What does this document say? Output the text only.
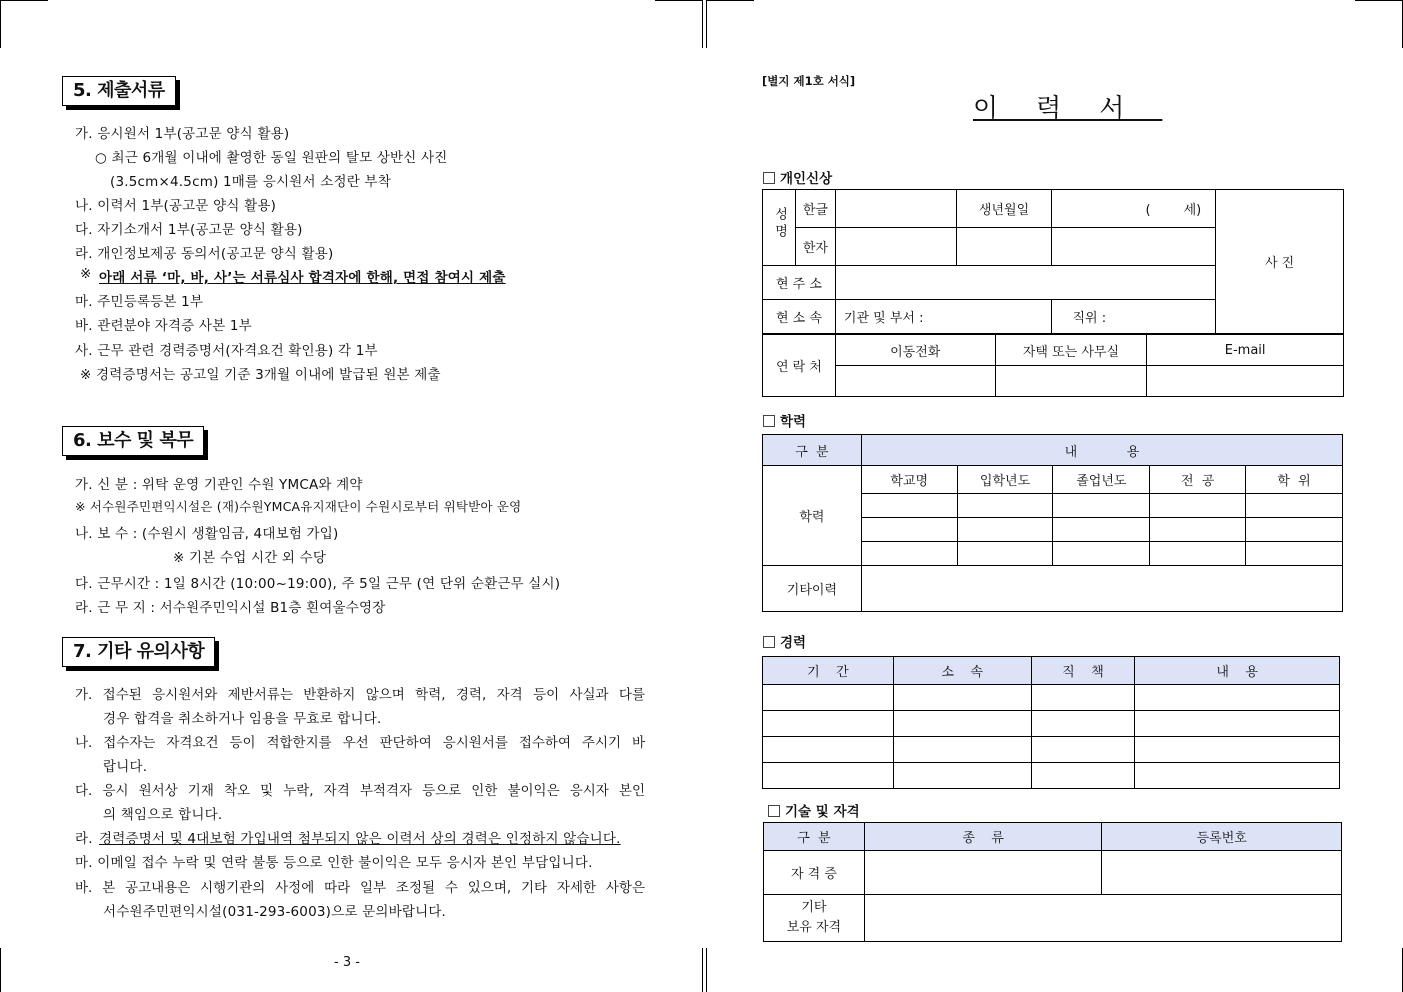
5. 제출서류
가. 응시원서 1부(공고문 양식 활용)
○ 최근 6개월 이내에 촬영한 동일 원판의 탈모 상반신 사진
(3.5cm×4.5cm) 1매를 응시원서 소정란 부착
나. 이력서 1부(공고문 양식 활용)
다. 자기소개서 1부(공고문 양식 활용)
라. 개인정보제공 동의서(공고문 양식 활용)
※ 아래 서류 ‘마, 바, 사’는 서류심사 합격자에 한해, 면접 참여시 제출
마. 주민등록등본 1부
바. 관련분야 자격증 사본 1부
사. 근무 관련 경력증명서(자격요건 확인용) 각 1부
※ 경력증명서는 공고일 기준 3개월 이내에 발급된 원본 제출
6. 보수 및 복무
가. 신 분 : 위탁 운영 기관인 수원 YMCA와 계약
※ 서수원주민편익시설은 (재)수원YMCA유지재단이 수원시로부터 위탁받아 운영
나. 보 수 : (수원시 생활임금, 4대보험 가입)
※ 기본 수업 시간 외 수당
다. 근무시간 : 1일 8시간 (10:00~19:00), 주 5일 근무 (연 단위 순환근무 실시)
라. 근 무 지 : 서수원주민익시설 B1층 흰여울수영장
7. 기타 유의사항
가. 접수된 응시원서와 제반서류는 반환하지 않으며 학력, 경력, 자격 등이 사실과 다를
경우 합격을 취소하거나 임용을 무효로 합니다.
나. 접수자는 자격요건 등이 적합한지를 우선 판단하여 응시원서를 접수하여 주시기 바
랍니다.
다. 응시 원서상 기재 착오 및 누락, 자격 부적격자 등으로 인한 불이익은 응시자 본인
의 책임으로 합니다.
라. 경력증명서 및 4대보험 가입내역 첨부되지 않은 이력서 상의 경력은 인정하지 않습니다.
마. 이메일 접수 누락 및 연락 불통 등으로 인한 불이익은 모두 응시자 본인 부담입니다.
바. 본 공고내용은 시행기관의 사정에 따라 일부 조정될 수 있으며, 기타 자세한 사항은
서수원주민편익시설(031-293-6003)으로 문의바랍니다.
- 3 -
[별지 제1호 서식]
이력서
개인신상
성명	한글		생년월일	(        세)	사 진
	한자				
현 주 소					
현 소 속		기관 및 부서 :		직위 :	
연 락 처	이동전화	자택 또는 사무실	E-mail

학력
구  분	내            용				
학력	학교명	입학년도	졸업년도	전  공	학  위

기타이력					
경력
기    간	소    속	직    책	내    용

기술 및 자격
구  분	종    류	등록번호
자 격 증		

기타
보유 자격		
